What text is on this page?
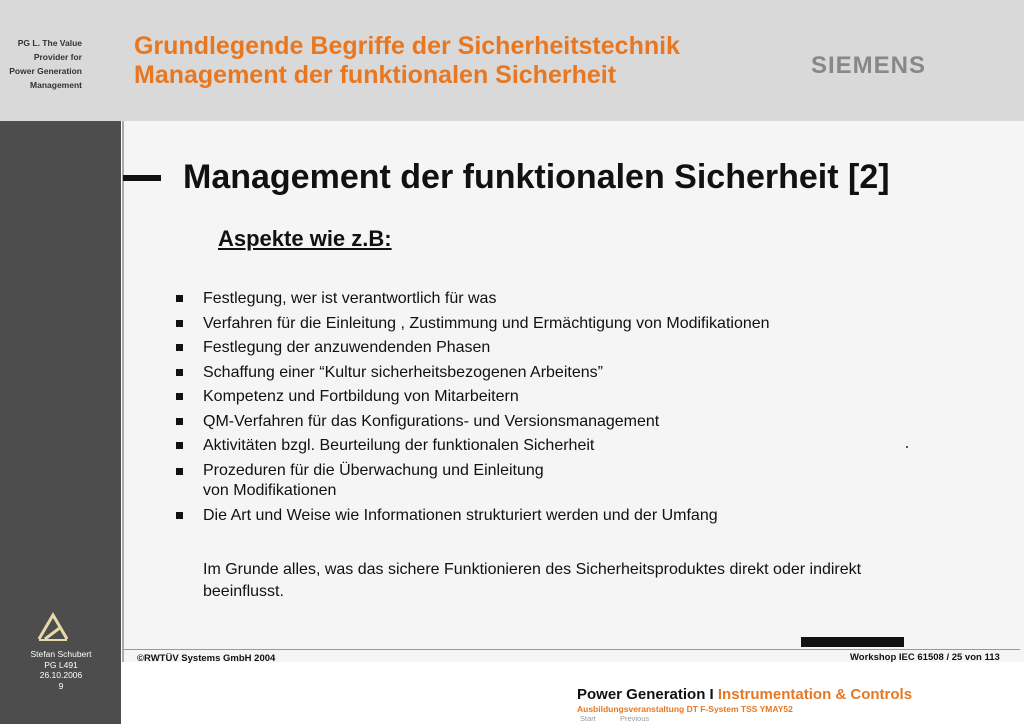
PG L. The Value
Provider for
Power Generation
Management
Grundlegende Begriffe der Sicherheitstechnik
Management der funktionalen Sicherheit	SIEMENS
Stefan Schubert
PG L491
26.10.2006
9
Management der funktionalen Sicherheit [2]
Aspekte wie z.B:
Festlegung, wer ist verantwortlich für was
Verfahren für die Einleitung , Zustimmung und Ermächtigung von Modifikationen
Festlegung der anzuwendenden Phasen
Schaffung einer “Kultur sicherheitsbezogenen Arbeitens”
Kompetenz und Fortbildung von Mitarbeitern
QM-Verfahren für das Konfigurations- und Versionsmanagement
Aktivitäten bzgl. Beurteilung der funktionalen Sicherheit
Prozeduren für die Überwachung und Einleitung
von Modifikationen
Die Art und Weise wie Informationen strukturiert werden und der Umfang
Im Grunde alles, was das sichere Funktionieren des Sicherheitsproduktes direkt oder indirekt
beeinflusst.
©RWTÜV Systems GmbH 2004	Workshop IEC 61508 / 25 von 113
Power Generation I Instrumentation & Controls
Ausbildungsveranstaltung DT F-System TSS YMAY52
Start	Previous
